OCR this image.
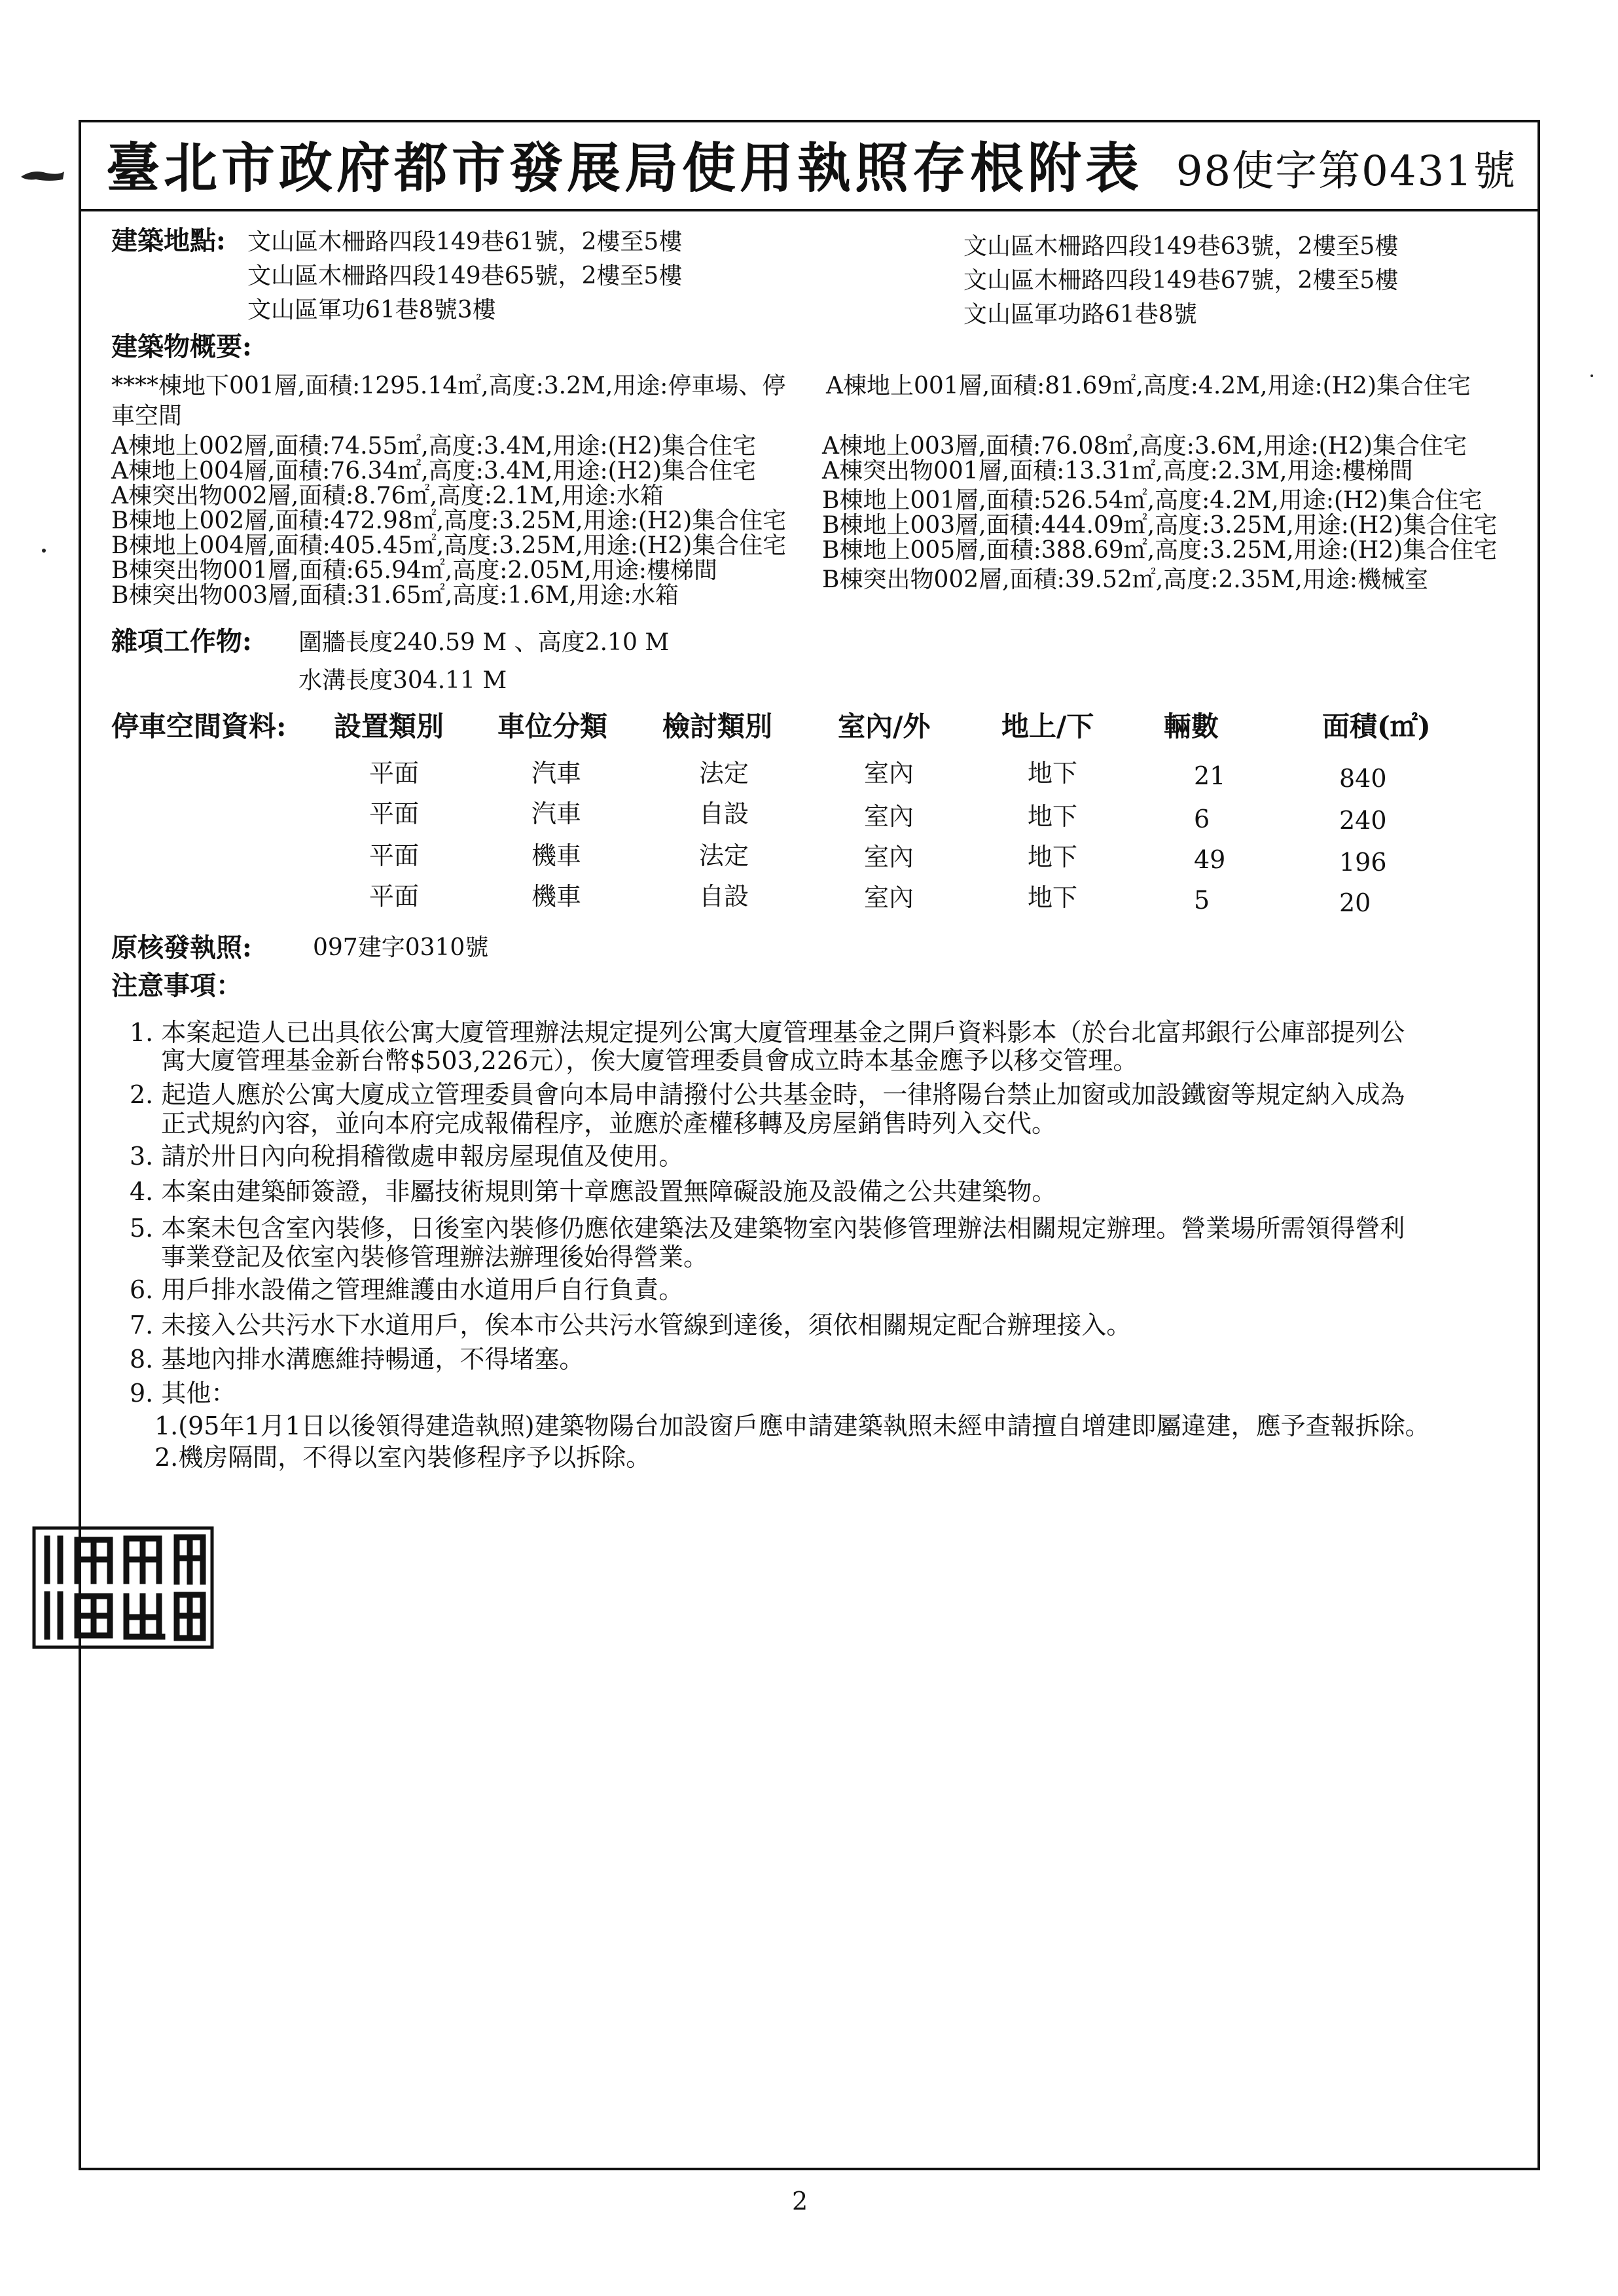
臺北市政府都市發展局使用執照存根附表 98使字第0431號
建築地點: 文山區木柵路四段149巷61號，2樓至5樓
文山區木柵路四段149巷65號，2樓至5樓
文山區軍功61巷8號3樓
文山區木柵路四段149巷63號，2樓至5樓
文山區木柵路四段149巷67號，2樓至5樓
文山區軍功路61巷8號
建築物概要:
****棟地下001層,面積:1295.14㎡,高度:3.2M,用途:停車場、停 A棟地上001層,面積:81.69㎡,高度:4.2M,用途:(H2)集合住宅
車空間
A棟地上002層,面積:74.55㎡,高度:3.4M,用途:(H2)集合住宅
A棟地上004層,面積:76.34㎡,高度:3.4M,用途:(H2)集合住宅
A棟突出物002層,面積:8.76㎡,高度:2.1M,用途:水箱
B棟地上002層,面積:472.98㎡,高度:3.25M,用途:(H2)集合住宅
B棟地上004層,面積:405.45㎡,高度:3.25M,用途:(H2)集合住宅
B棟突出物001層,面積:65.94㎡,高度:2.05M,用途:樓梯間
B棟突出物003層,面積:31.65㎡,高度:1.6M,用途:水箱
A棟地上003層,面積:76.08㎡,高度:3.6M,用途:(H2)集合住宅
A棟突出物001層,面積:13.31㎡,高度:2.3M,用途:樓梯間
B棟地上001層,面積:526.54㎡,高度:4.2M,用途:(H2)集合住宅
B棟地上003層,面積:444.09㎡,高度:3.25M,用途:(H2)集合住宅
B棟地上005層,面積:388.69㎡,高度:3.25M,用途:(H2)集合住宅
B棟突出物002層,面積:39.52㎡,高度:2.35M,用途:機械室
雜項工作物: 圍牆長度240.59 M 、高度2.10 M
水溝長度304.11 M
停車空間資料: 設置類別 車位分類 檢討類別 室內/外	地上/下	輛數	面積(㎡)
平面	汽車	法定	室內	地下	21	840
平面	汽車	自設	室內	地下	6	240
平面	機車	法定	室內	地下	49	196
平面	機車	自設	室內	地下	5	20
原核發執照:	097建字0310號
注意事項：
1. 本案起造人已出具依公寓大廈管理辦法規定提列公寓大廈管理基金之開戶資料影本（於台北富邦銀行公庫部提列公
寓大廈管理基金新台幣$503,226元），俟大廈管理委員會成立時本基金應予以移交管理。
2. 起造人應於公寓大廈成立管理委員會向本局申請撥付公共基金時，一律將陽台禁止加窗或加設鐵窗等規定納入成為
正式規約內容，並向本府完成報備程序，並應於產權移轉及房屋銷售時列入交代。
3. 請於卅日內向稅捐稽徵處申報房屋現值及使用。
4. 本案由建築師簽證，非屬技術規則第十章應設置無障礙設施及設備之公共建築物。
5. 本案未包含室內裝修，日後室內裝修仍應依建築法及建築物室內裝修管理辦法相關規定辦理。營業場所需領得營利
事業登記及依室內裝修管理辦法辦理後始得營業。
6. 用戶排水設備之管理維護由水道用戶自行負責。
7. 未接入公共污水下水道用戶，俟本市公共污水管線到達後，須依相關規定配合辦理接入。
8. 基地內排水溝應維持暢通，不得堵塞。
9. 其他：
1.(95年1月1日以後領得建造執照)建築物陽台加設窗戶應申請建築執照未經申請擅自增建即屬違建，應予查報拆除。
2.機房隔間，不得以室內裝修程序予以拆除。
2
